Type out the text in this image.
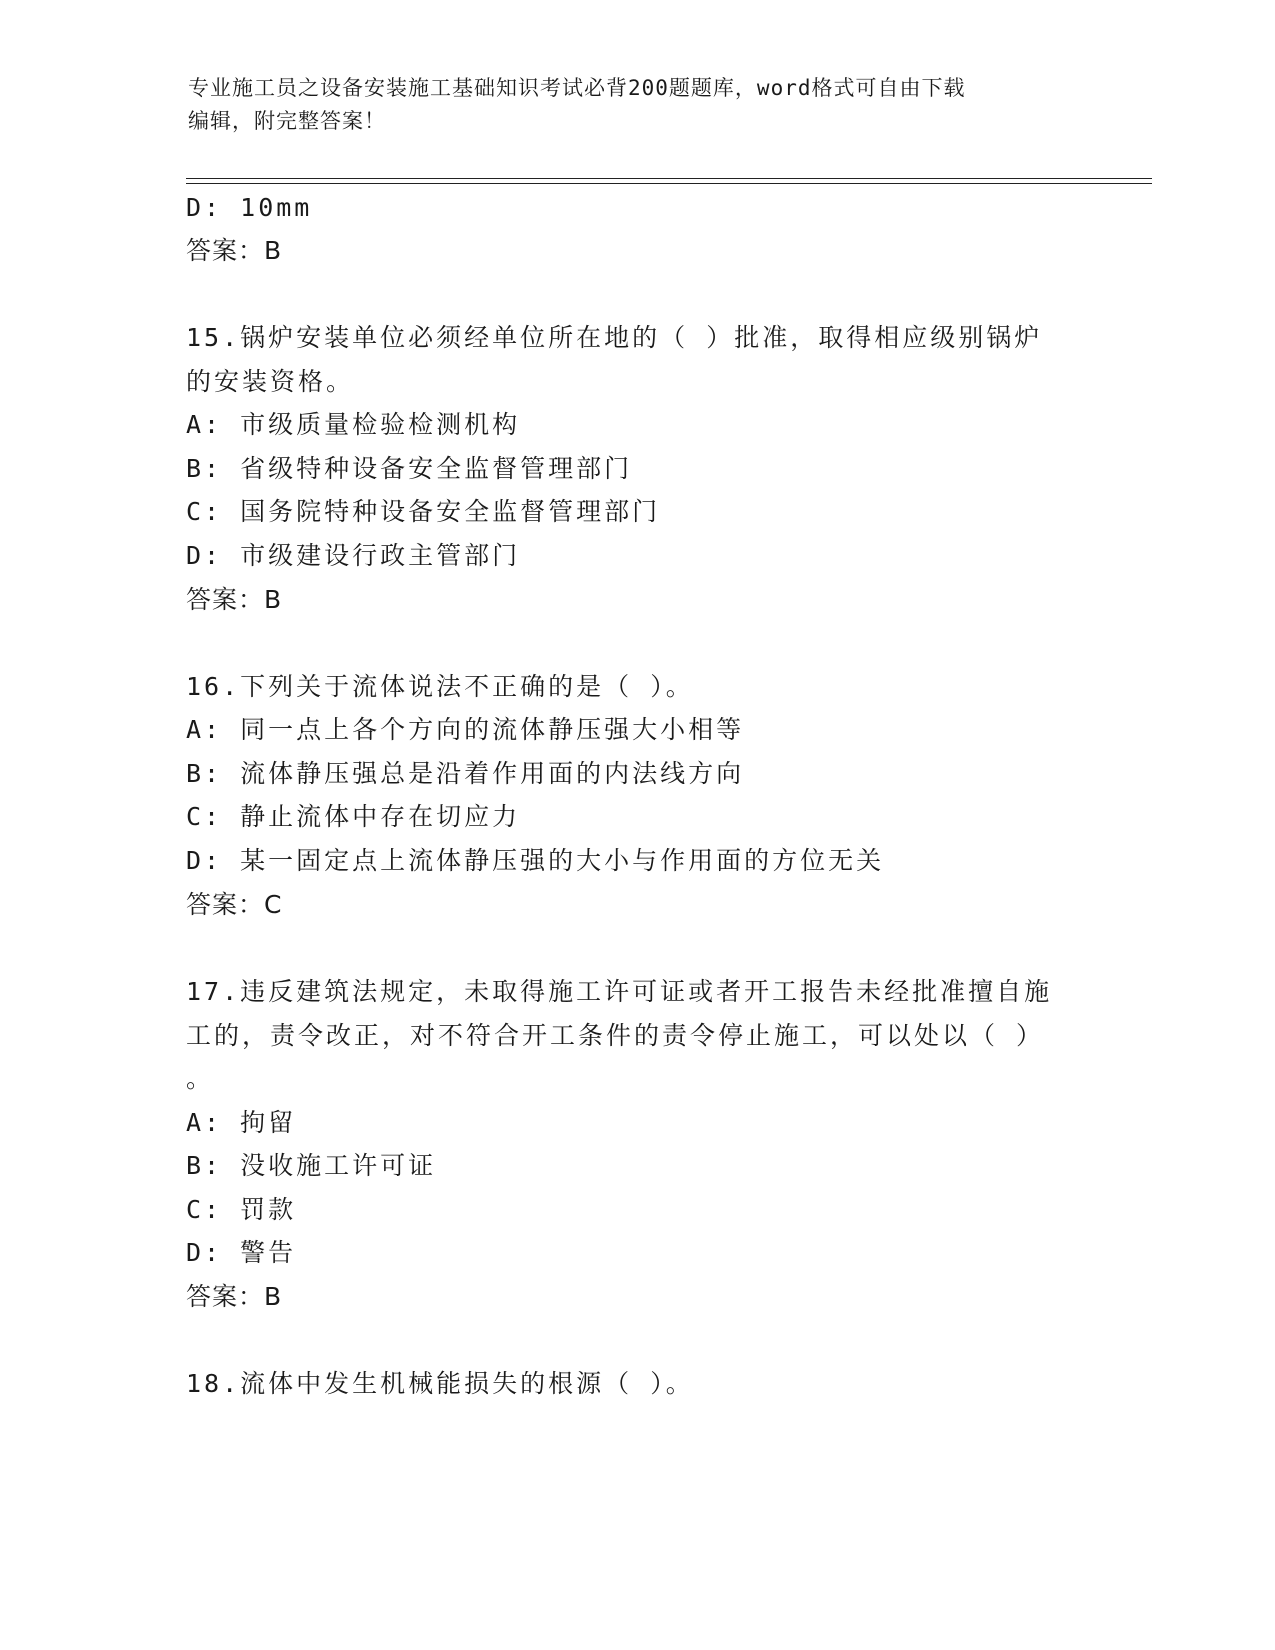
专业施工员之设备安装施工基础知识考试必背200题题库，word格式可自由下载
编辑，附完整答案！
D: 10mm
答案：B
15.锅炉安装单位必须经单位所在地的（ ）批准，取得相应级别锅炉
的安装资格。
A: 市级质量检验检测机构
B: 省级特种设备安全监督管理部门
C: 国务院特种设备安全监督管理部门
D: 市级建设行政主管部门
答案：B
16.下列关于流体说法不正确的是（ ）。
A: 同一点上各个方向的流体静压强大小相等
B: 流体静压强总是沿着作用面的内法线方向
C: 静止流体中存在切应力
D: 某一固定点上流体静压强的大小与作用面的方位无关
答案：C
17.违反建筑法规定，未取得施工许可证或者开工报告未经批准擅自施
工的，责令改正，对不符合开工条件的责令停止施工，可以处以（ ）
。
A: 拘留
B: 没收施工许可证
C: 罚款
D: 警告
答案：B
18.流体中发生机械能损失的根源（ ）。
